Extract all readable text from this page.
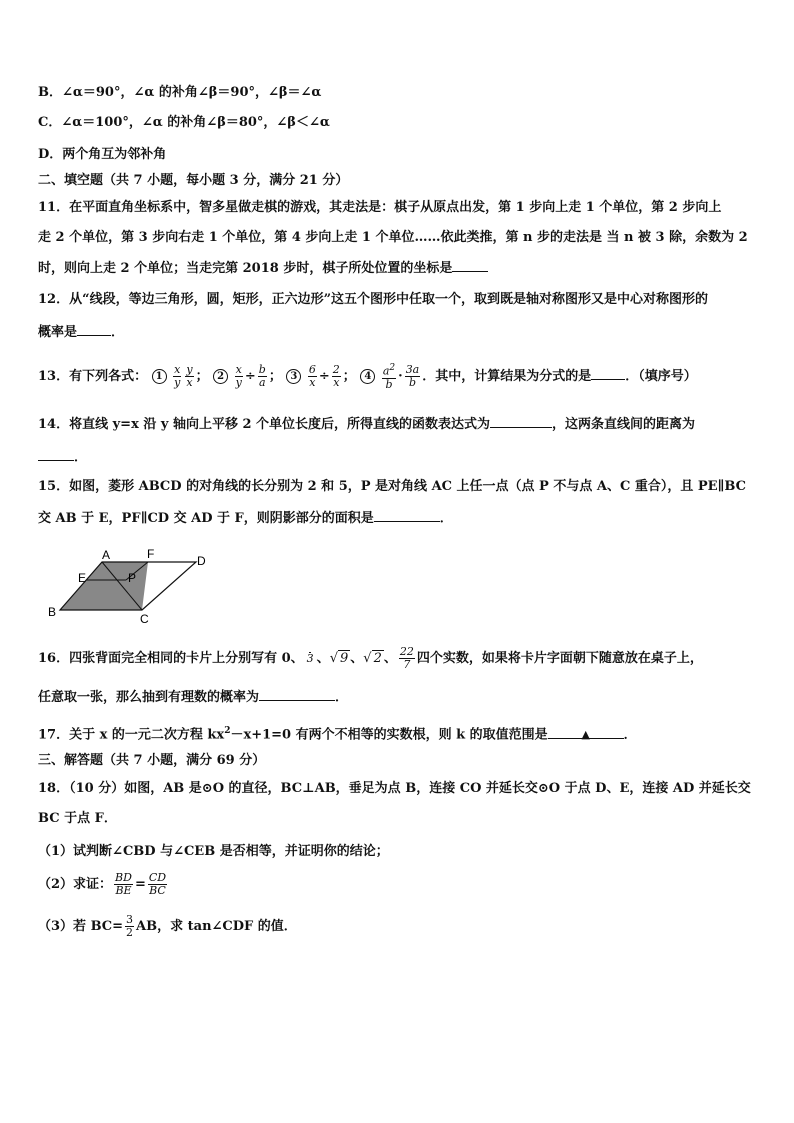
B．∠α＝90°，∠α 的补角∠β＝90°，∠β＝∠α
C．∠α＝100°，∠α 的补角∠β＝80°，∠β＜∠α
D．两个角互为邻补角
二、填空题（共 7 小题，每小题 3 分，满分 21 分）
11．在平面直角坐标系中，智多星做走棋的游戏，其走法是：棋子从原点出发，第 1 步向上走 1 个单位，第 2 步向上
走 2 个单位，第 3 步向右走 1 个单位，第 4 步向上走 1 个单位……依此类推，第 n 步的走法是 当 n 被 3 除，余数为 2
时，则向上走 2 个单位；当走完第 2018 步时，棋子所处位置的坐标是
12．从“线段，等边三角形，圆，矩形，正六边形”这五个图形中任取一个，取到既是轴对称图形又是中心对称图形的
概率是	．
13．有下列各式： $1 \frac{x}{y} \frac{y}{x}$ ； $2 \frac{x}{y} \div \frac{b}{a}$ ； $3 \frac{6}{x} \div \frac{2}{x}$ ； $4 \frac{a^2}{b} \cdot \frac{3a}{b}$ ．其中，计算结果为分式的是	．（填序号）
14．将直线 y=x 沿 y 轴向上平移 2 个单位长度后，所得直线的函数表达式为	，这两条直线间的距离为
．
15．如图，菱形 ABCD 的对角线的长分别为 2 和 5，P 是对角线 AC 上任一点（点 P 不与点 A、C 重合），且 PE∥BC
交 AB 于 E，PF∥CD 交 AD 于 F，则阴影部分的面积是	．
A	F	D
E	P
B	C
16．四张背面完全相同的卡片上分别写有 0、 3 、√ 9 、√ 2 、 $\frac{22}{7}$ 四个实数，如果将卡片字面朝下随意放在桌子上，
任意取一张，那么抽到有理数的概率为	．
17．关于 x 的一元二次方程 $kx^2-x+1=0$ 有两个不相等的实数根，则 k 的取值范围是	▲	．
三、解答题（共 7 小题，满分 69 分）
18．（10 分）如图，AB 是⊙O 的直径，BC⊥AB，垂足为点 B，连接 CO 并延长交⊙O 于点 D、E，连接 AD 并延长交
BC 于点 F．
（1）试判断∠CBD 与∠CEB 是否相等，并证明你的结论；
（2）求证： $\frac{BD}{BE} = \frac{CD}{BC}$
（3）若 $BC= \frac{3}{2}$ AB，求 tan∠CDF 的值．
